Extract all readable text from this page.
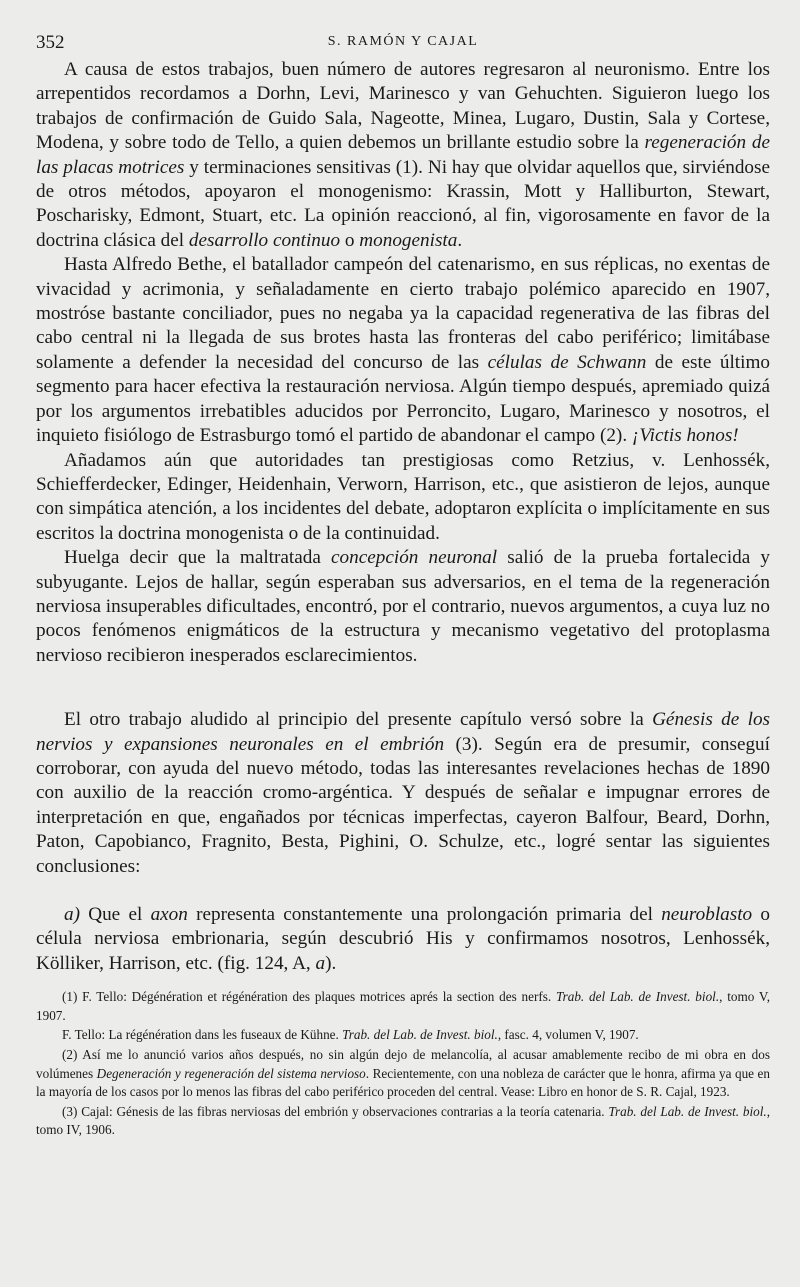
352	S. RAMÓN Y CAJAL

A causa de estos trabajos, buen número de autores regresaron al neuronismo. Entre los arrepentidos recordamos a Dorhn, Levi, Marinesco y van Gehuchten. Siguieron luego los trabajos de confirmación de Guido Sala, Nageotte, Minea, Lugaro, Dustin, Sala y Cortese, Modena, y sobre todo de Tello, a quien debemos un brillante estudio sobre la regeneración de las placas motrices y terminaciones sensitivas (1). Ni hay que olvidar aquellos que, sirviéndose de otros métodos, apoyaron el monogenismo: Krassin, Mott y Halliburton, Stewart, Poscharisky, Edmont, Stuart, etc. La opinión reaccionó, al fin, vigorosamente en favor de la doctrina clásica del desarrollo continuo o monogenista.

Hasta Alfredo Bethe, el batallador campeón del catenarismo, en sus réplicas, no exentas de vivacidad y acrimonia, y señaladamente en cierto trabajo polémico aparecido en 1907, mostróse bastante conciliador, pues no negaba ya la capacidad regenerativa de las fibras del cabo central ni la llegada de sus brotes hasta las fronteras del cabo periférico; limitábase solamente a defender la necesidad del concurso de las células de Schwann de este último segmento para hacer efectiva la restauración nerviosa. Algún tiempo después, apremiado quizá por los argumentos irrebatibles aducidos por Perroncito, Lugaro, Marinesco y nosotros, el inquieto fisiólogo de Estrasburgo tomó el partido de abandonar el campo (2). ¡Victis honos!

Añadamos aún que autoridades tan prestigiosas como Retzius, v. Lenhossék, Schiefferdecker, Edinger, Heidenhain, Verworn, Harrison, etc., que asistieron de lejos, aunque con simpática atención, a los incidentes del debate, adoptaron explícita o implícitamente en sus escritos la doctrina monogenista o de la continuidad.

Huelga decir que la maltratada concepción neuronal salió de la prueba fortalecida y subyugante. Lejos de hallar, según esperaban sus adversarios, en el tema de la regeneración nerviosa insuperables dificultades, encontró, por el contrario, nuevos argumentos, a cuya luz no pocos fenómenos enigmáticos de la estructura y mecanismo vegetativo del protoplasma nervioso recibieron inesperados esclarecimientos.

El otro trabajo aludido al principio del presente capítulo versó sobre la Génesis de los nervios y expansiones neuronales en el embrión (3). Según era de presumir, conseguí corroborar, con ayuda del nuevo método, todas las interesantes revelaciones hechas de 1890 con auxilio de la reacción cromo-argéntica. Y después de señalar e impugnar errores de interpretación en que, engañados por técnicas imperfectas, cayeron Balfour, Beard, Dorhn, Paton, Capobianco, Fragnito, Besta, Pighini, O. Schulze, etc., logré sentar las siguientes conclusiones:

a) Que el axon representa constantemente una prolongación primaria del neuroblasto o célula nerviosa embrionaria, según descubrió His y confirmamos nosotros, Lenhossék, Kölliker, Harrison, etc. (fig. 124, A, a).

(1) F. Tello: Dégénération et régénération des plaques motrices aprés la section des nerfs. Trab. del Lab. de Invest. biol., tomo V, 1907.

F. Tello: La régénération dans les fuseaux de Kühne. Trab. del Lab. de Invest. biol., fasc. 4, volumen V, 1907.

(2) Así me lo anunció varios años después, no sin algún dejo de melancolía, al acusar amablemente recibo de mi obra en dos volúmenes Degeneración y regeneración del sistema nervioso. Recientemente, con una nobleza de carácter que le honra, afirma ya que en la mayoría de los casos por lo menos las fibras del cabo periférico proceden del central. Vease: Libro en honor de S. R. Cajal, 1923.

(3) Cajal: Génesis de las fibras nerviosas del embrión y observaciones contrarias a la teoría catenaria. Trab. del Lab. de Invest. biol., tomo IV, 1906.
